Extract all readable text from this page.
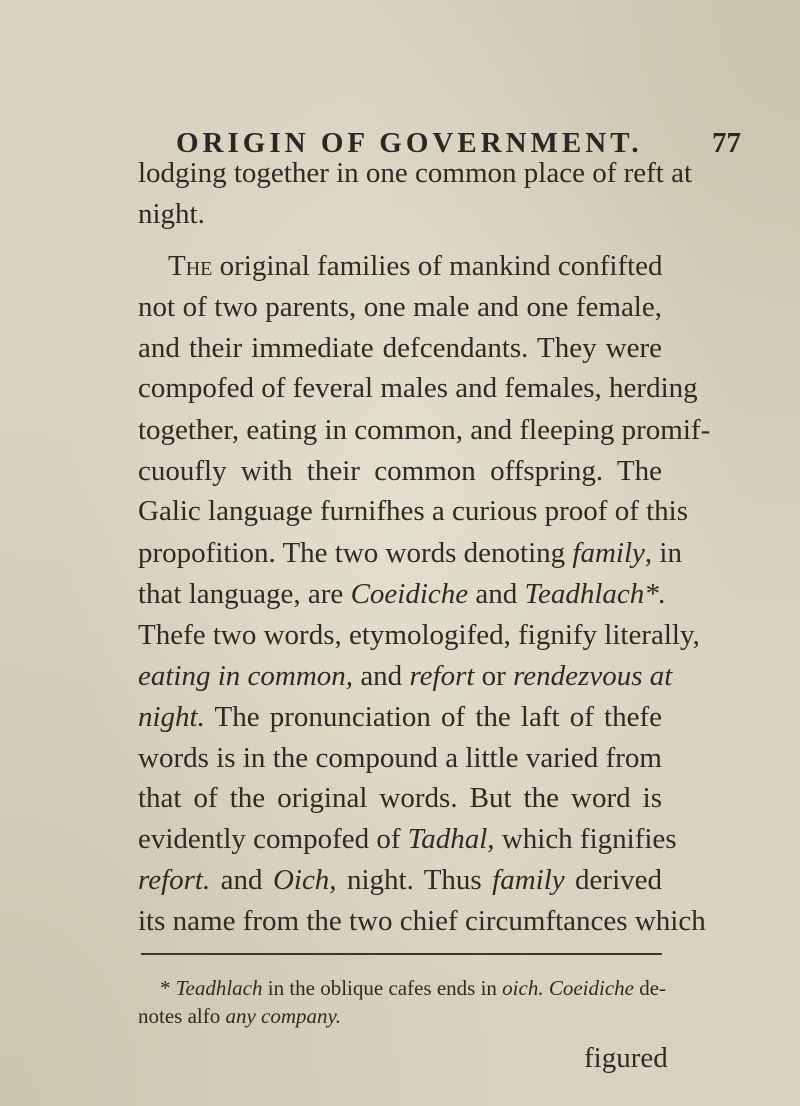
ORIGIN OF GOVERNMENT. 77
lodging together in one common place of reft at
night.
The original families of mankind confifted
not of two parents, one male and one female,
and their immediate defcendants. They were
compofed of feveral males and females, herding
together, eating in common, and fleeping promif-
cuoufly with their common offspring. The
Galic language furnifhes a curious proof of this
propofition. The two words denoting family, in
that language, are Coeidiche and Teadhlach*.
Thefe two words, etymologifed, fignify literally,
eating in common, and refort or rendezvous at
night. The pronunciation of the laft of thefe
words is in the compound a little varied from
that of the original words. But the word is
evidently compofed of Tadhal, which fignifies
refort. and Oich, night. Thus family derived
its name from the two chief circumftances which
* Teadhlach in the oblique cafes ends in oich. Coeidiche de-
notes alfo any company.
figured
